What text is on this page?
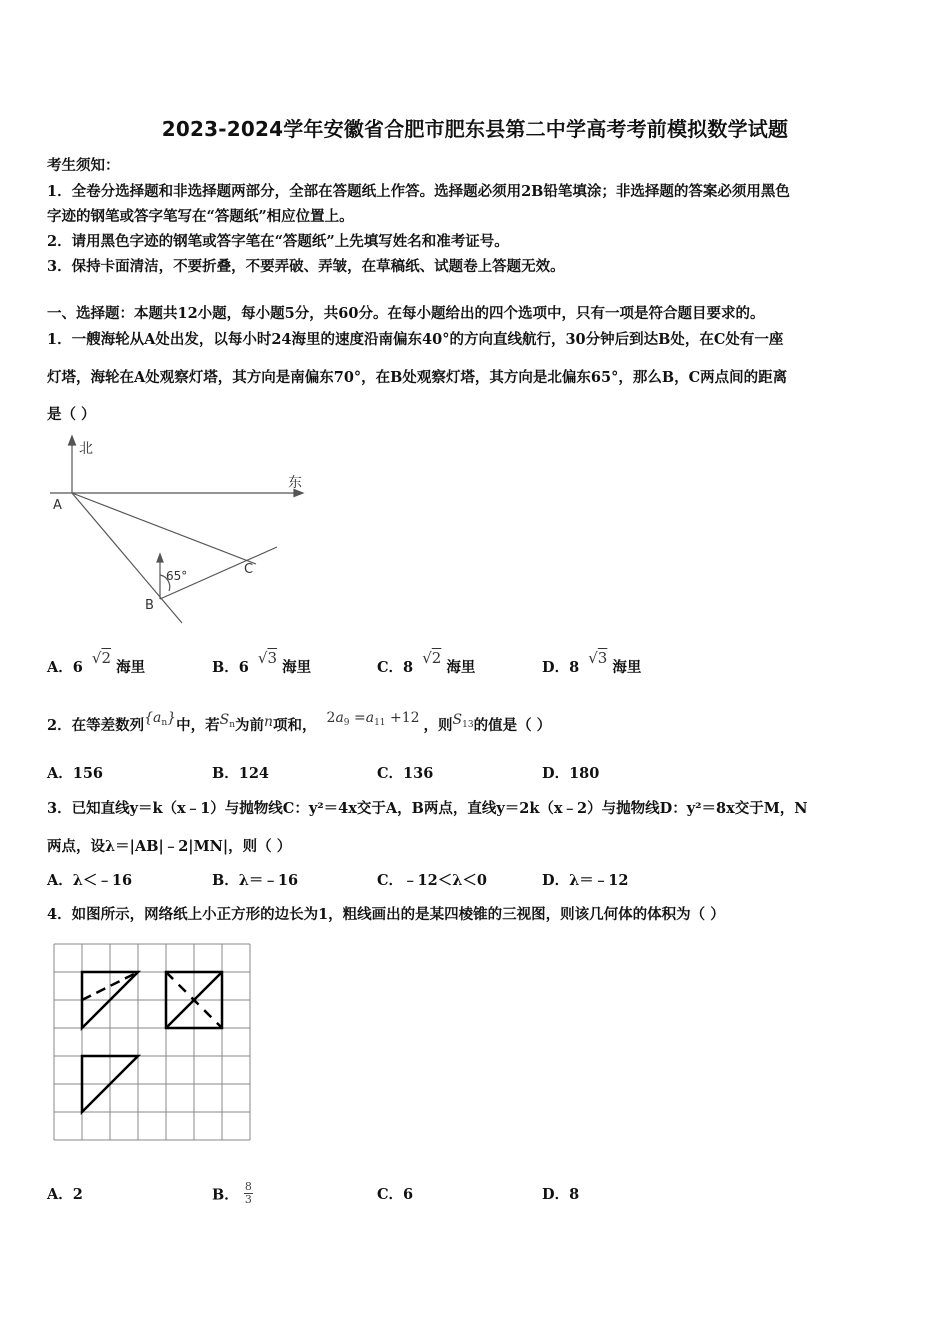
2023-2024学年安徽省合肥市肥东县第二中学高考考前模拟数学试题
考生须知：
1．全卷分选择题和非选择题两部分，全部在答题纸上作答。选择题必须用2B铅笔填涂；非选择题的答案必须用黑色
字迹的钢笔或答字笔写在“答题纸”相应位置上。
2．请用黑色字迹的钢笔或答字笔在“答题纸”上先填写姓名和准考证号。
3．保持卡面清洁，不要折叠，不要弄破、弄皱，在草稿纸、试题卷上答题无效。
一、选择题：本题共12小题，每小题5分，共60分。在每小题给出的四个选项中，只有一项是符合题目要求的。
1．一艘海轮从A处出发，以每小时24海里的速度沿南偏东40°的方向直线航行，30分钟后到达B处，在C处有一座
灯塔，海轮在A处观察灯塔，其方向是南偏东70°，在B处观察灯塔，其方向是北偏东65°，那么B，C两点间的距离
是（ ）
北
东
A
B
C
65°
A．6 √2 海里	B．6 √3 海里	C．8 √2 海里	D．8 √3 海里
2．在等差数列$\{a_n\}$中，若$S_n$为前n项和， $2a_9 =a_{11} +12$ ，则$S_{13}$的值是（ ）
A．156	B．124	C．136	D．180
3．已知直线y＝k（x﹣1）与抛物线C：y²＝4x交于A，B两点，直线y＝2k（x﹣2）与抛物线D：y²＝8x交于M，N
两点，设λ＝|AB|﹣2|MN|，则（ ）
A．λ＜﹣16	B．λ＝﹣16	C．﹣12＜λ＜0	D．λ＝﹣12
4．如图所示，网络纸上小正方形的边长为1，粗线画出的是某四棱锥的三视图，则该几何体的体积为（ ）
A．2	B． $\frac{8}{3}$	C．6	D．8
